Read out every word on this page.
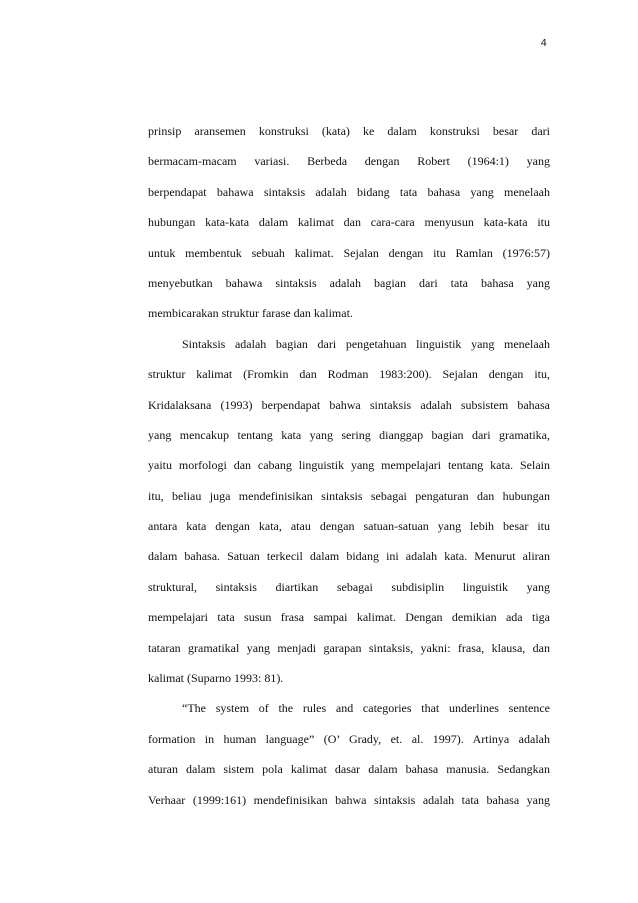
4
prinsip aransemen konstruksi (kata) ke dalam konstruksi besar dari
bermacam-macam variasi. Berbeda dengan Robert (1964:1) yang
berpendapat bahawa sintaksis adalah bidang tata bahasa yang menelaah
hubungan kata-kata dalam kalimat dan cara-cara menyusun kata-kata itu
untuk membentuk sebuah kalimat. Sejalan dengan itu Ramlan (1976:57)
menyebutkan bahawa sintaksis adalah bagian dari tata bahasa yang
membicarakan struktur farase dan kalimat.
Sintaksis adalah bagian dari pengetahuan linguistik yang menelaah
struktur kalimat (Fromkin dan Rodman 1983:200). Sejalan dengan itu,
Kridalaksana (1993) berpendapat bahwa sintaksis adalah subsistem bahasa
yang mencakup tentang kata yang sering dianggap bagian dari gramatika,
yaitu morfologi dan cabang linguistik yang mempelajari tentang kata. Selain
itu, beliau juga mendefinisikan sintaksis sebagai pengaturan dan hubungan
antara kata dengan kata, atau dengan satuan-satuan yang lebih besar itu
dalam bahasa. Satuan terkecil dalam bidang ini adalah kata. Menurut aliran
struktural, sintaksis diartikan sebagai subdisiplin linguistik yang
mempelajari tata susun frasa sampai kalimat. Dengan demikian ada tiga
tataran gramatikal yang menjadi garapan sintaksis, yakni: frasa, klausa, dan
kalimat (Suparno 1993: 81).
“The system of the rules and categories that underlines sentence
formation in human language” (O’ Grady, et. al. 1997). Artinya adalah
aturan dalam sistem pola kalimat dasar dalam bahasa manusia. Sedangkan
Verhaar (1999:161) mendefinisikan bahwa sintaksis adalah tata bahasa yang
